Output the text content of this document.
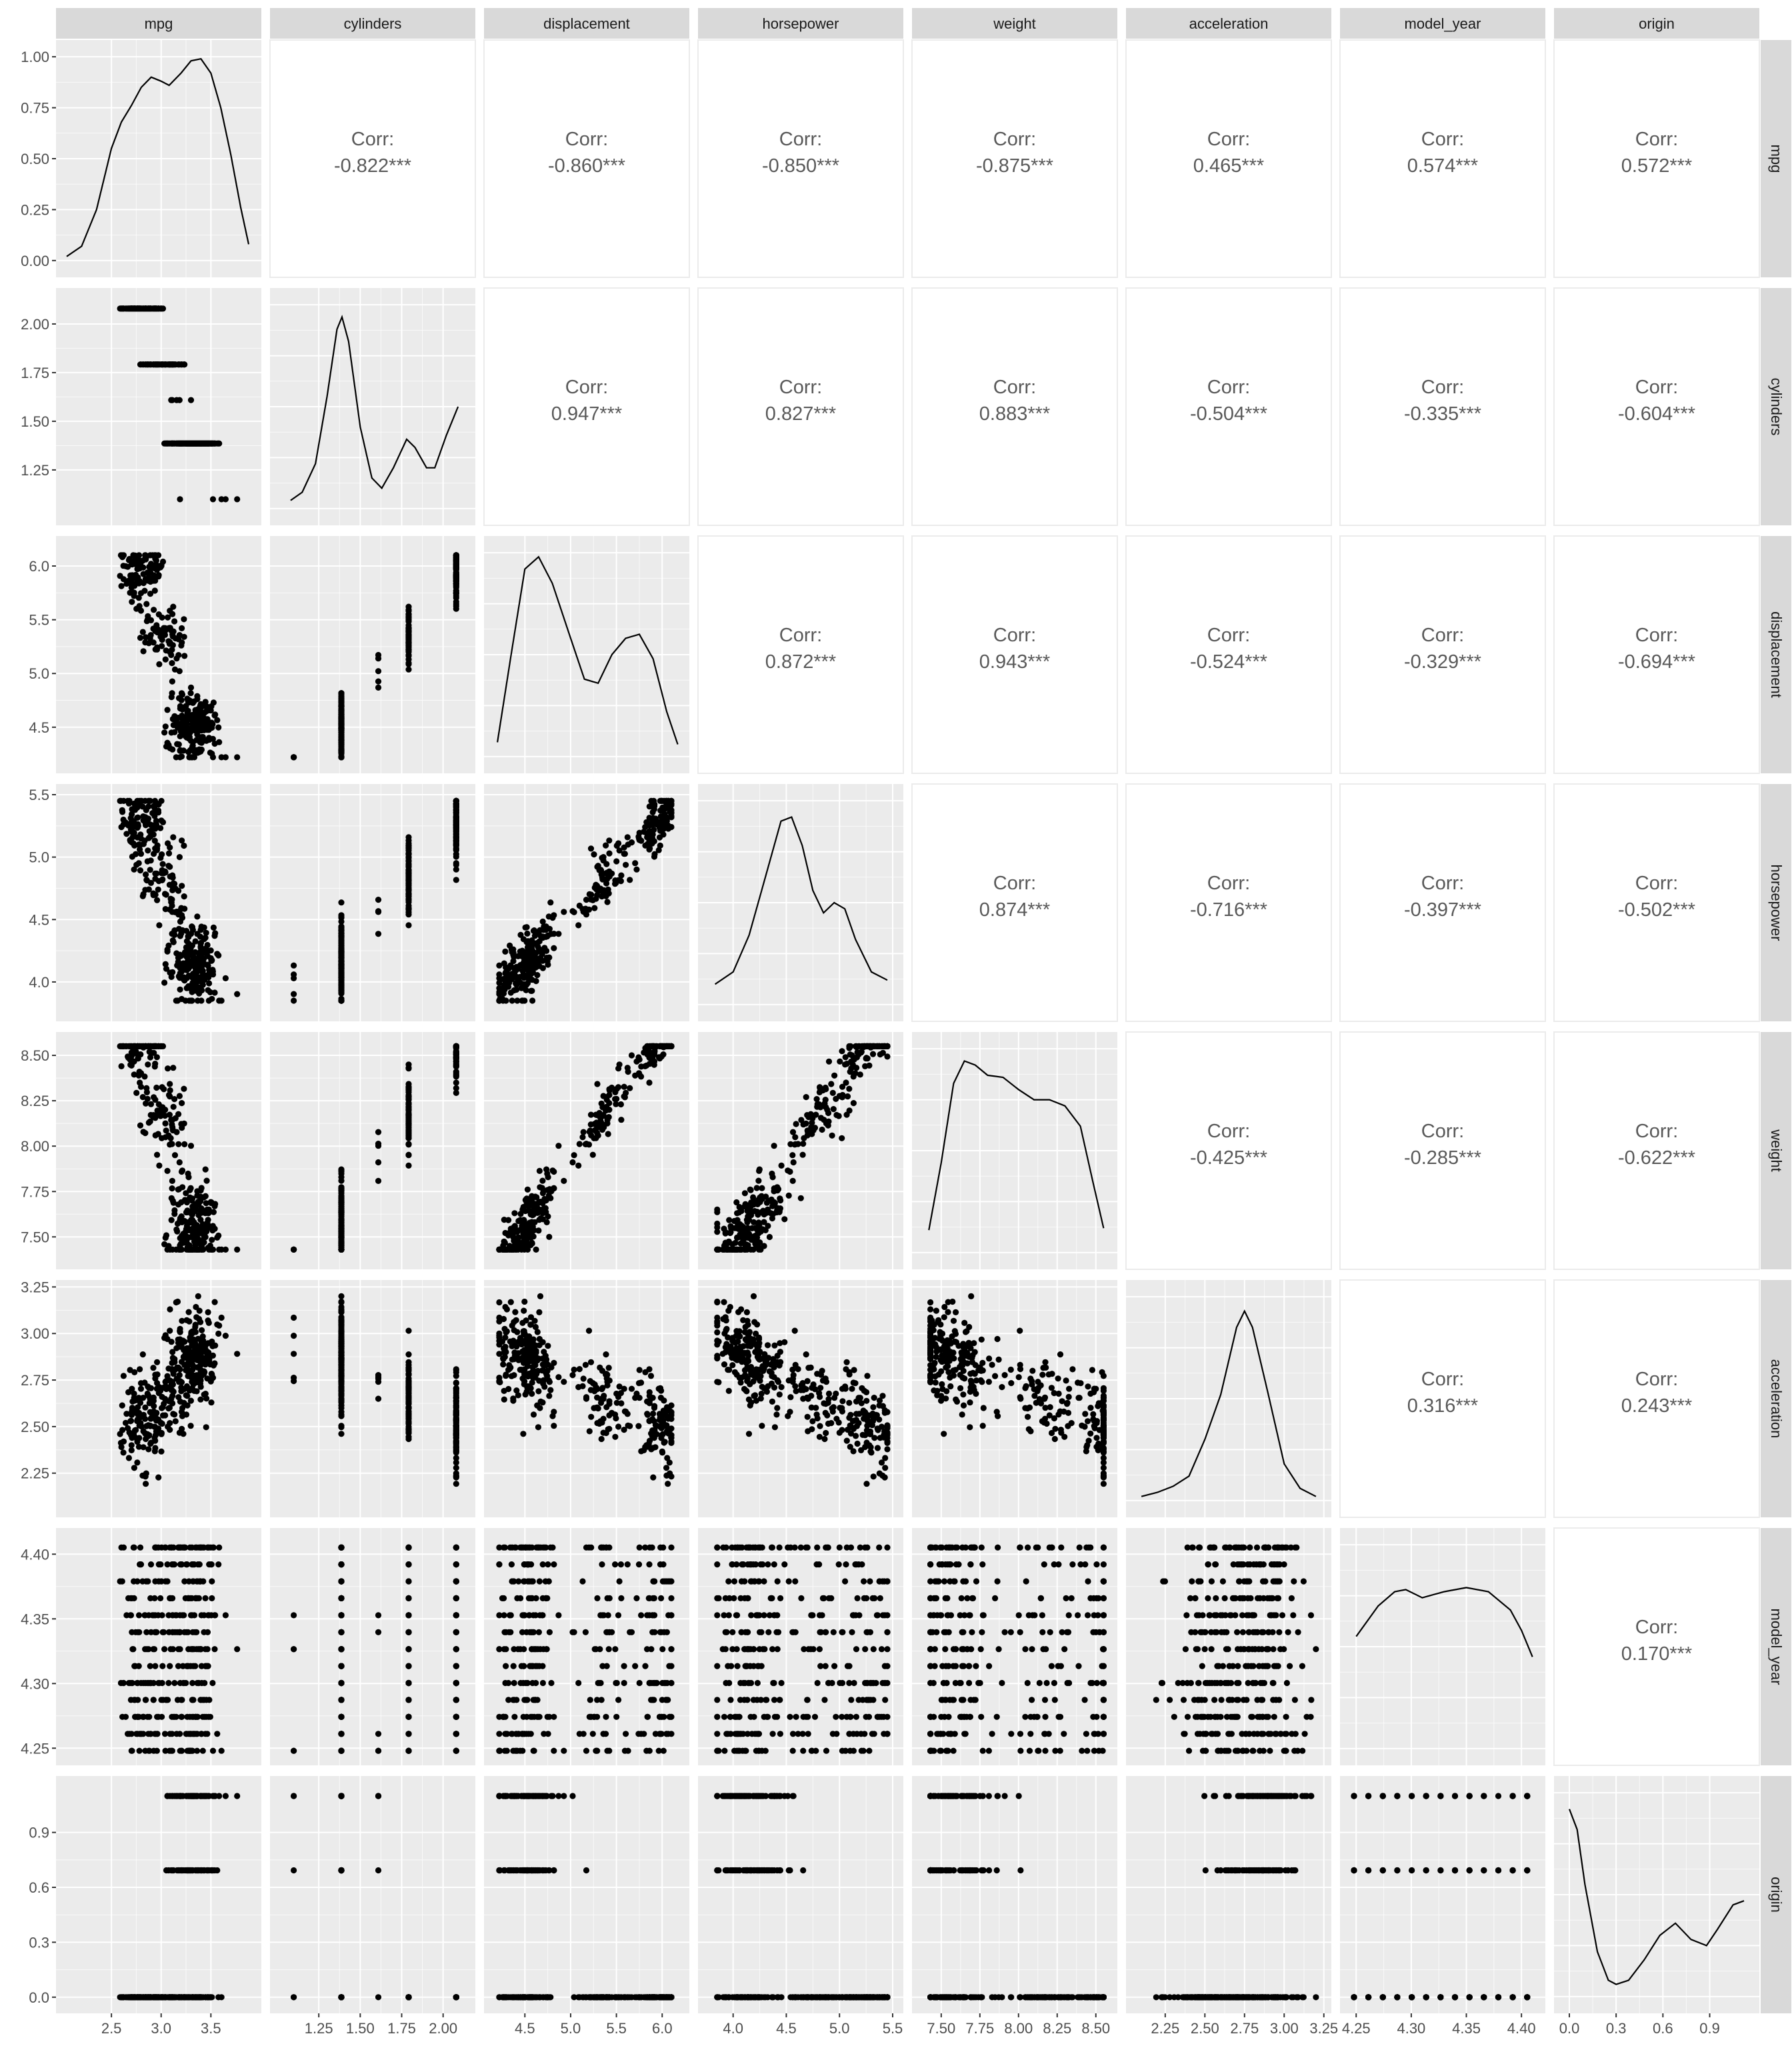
Corr:
-0.822***
Corr:
-0.860***
Corr:
-0.850***
Corr:
-0.875***
Corr:
0.465***
Corr:
0.574***
Corr:
0.572***
Corr:
0.947***
Corr:
0.827***
Corr:
0.883***
Corr:
-0.504***
Corr:
-0.335***
Corr:
-0.604***
Corr:
0.872***
Corr:
0.943***
Corr:
-0.524***
Corr:
-0.329***
Corr:
-0.694***
Corr:
0.874***
Corr:
-0.716***
Corr:
-0.397***
Corr:
-0.502***
Corr:
-0.425***
Corr:
-0.285***
Corr:
-0.622***
Corr:
0.316***
Corr:
0.243***
Corr:
0.170***
mpg	cylinders	displacement	horsepower	weight	acceleration	model_year	origin
mpg
cylinders
displacement
horsepower
weight
acceleration
model_year
origin
0.00
0.25
0.50
0.75
1.00
1.25
1.50
1.75
2.00
4.5
5.0
5.5
6.0
4.0
4.5
5.0
5.5
7.50
7.75
8.00
8.25
8.50
2.25
2.50
2.75
3.00
3.25
4.25
4.30
4.35
4.40
0.0
0.3
0.6
0.9
2.5 3.0 3.5	1.25 1.50 1.75 2.00	4.5 5.0 5.5 6.0	4.0 4.5 5.0 5.5 7.50 7.75 8.00 8.25 8.50	2.25 2.50 2.75 3.00 3.25 4.25 4.30 4.35 4.40 0.0 0.3 0.6 0.9
